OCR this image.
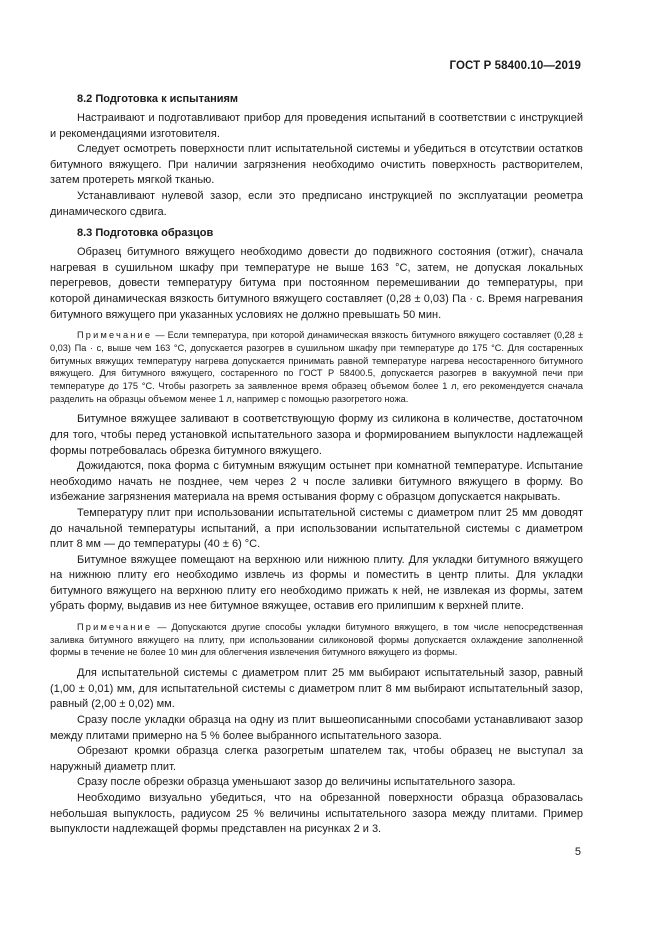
ГОСТ Р 58400.10—2019
8.2 Подготовка к испытаниям

Настраивают и подготавливают прибор для проведения испытаний в соответствии с инструкцией и рекомендациями изготовителя.

Следует осмотреть поверхности плит испытательной системы и убедиться в отсутствии остатков битумного вяжущего. При наличии загрязнения необходимо очистить поверхность растворителем, затем протереть мягкой тканью.

Устанавливают нулевой зазор, если это предписано инструкцией по эксплуатации реометра динамического сдвига.

8.3 Подготовка образцов

Образец битумного вяжущего необходимо довести до подвижного состояния (отжиг), сначала нагревая в сушильном шкафу при температуре не выше 163 °С, затем, не допуская локальных перегревов, довести температуру битума при постоянном перемешивании до температуры, при которой динамическая вязкость битумного вяжущего составляет (0,28 ± 0,03) Па · с. Время нагревания битумного вяжущего при указанных условиях не должно превышать 50 мин.

Примечание — Если температура, при которой динамическая вязкость битумного вяжущего составляет (0,28 ± 0,03) Па · с, выше чем 163 °С, допускается разогрев в сушильном шкафу при температуре до 175 °С. Для состаренных битумных вяжущих температуру нагрева допускается принимать равной температуре нагрева несостаренного битумного вяжущего. Для битумного вяжущего, состаренного по ГОСТ Р 58400.5, допускается разогрев в вакуумной печи при температуре до 175 °С. Чтобы разогреть за заявленное время образец объемом более 1 л, его рекомендуется сначала разделить на образцы объемом менее 1 л, например с помощью разогретого ножа.

Битумное вяжущее заливают в соответствующую форму из силикона в количестве, достаточном для того, чтобы перед установкой испытательного зазора и формированием выпуклости надлежащей формы потребовалась обрезка битумного вяжущего.

Дожидаются, пока форма с битумным вяжущим остынет при комнатной температуре. Испытание необходимо начать не позднее, чем через 2 ч после заливки битумного вяжущего в форму. Во избежание загрязнения материала на время остывания форму с образцом допускается накрывать.

Температуру плит при использовании испытательной системы с диаметром плит 25 мм доводят до начальной температуры испытаний, а при использовании испытательной системы с диаметром плит 8 мм — до температуры (40 ± 6) °С.

Битумное вяжущее помещают на верхнюю или нижнюю плиту. Для укладки битумного вяжущего на нижнюю плиту его необходимо извлечь из формы и поместить в центр плиты. Для укладки битумного вяжущего на верхнюю плиту его необходимо прижать к ней, не извлекая из формы, затем убрать форму, выдавив из нее битумное вяжущее, оставив его прилипшим к верхней плите.

Примечание — Допускаются другие способы укладки битумного вяжущего, в том числе непосредственная заливка битумного вяжущего на плиту, при использовании силиконовой формы допускается охлаждение заполненной формы в течение не более 10 мин для облегчения извлечения битумного вяжущего из формы.

Для испытательной системы с диаметром плит 25 мм выбирают испытательный зазор, равный (1,00 ± 0,01) мм, для испытательной системы с диаметром плит 8 мм выбирают испытательный зазор, равный (2,00 ± 0,02) мм.

Сразу после укладки образца на одну из плит вышеописанными способами устанавливают зазор между плитами примерно на 5 % более выбранного испытательного зазора.

Обрезают кромки образца слегка разогретым шпателем так, чтобы образец не выступал за наружный диаметр плит.

Сразу после обрезки образца уменьшают зазор до величины испытательного зазора.

Необходимо визуально убедиться, что на обрезанной поверхности образца образовалась небольшая выпуклость, радиусом 25 % величины испытательного зазора между плитами. Пример выпуклости надлежащей формы представлен на рисунках 2 и 3.

5
